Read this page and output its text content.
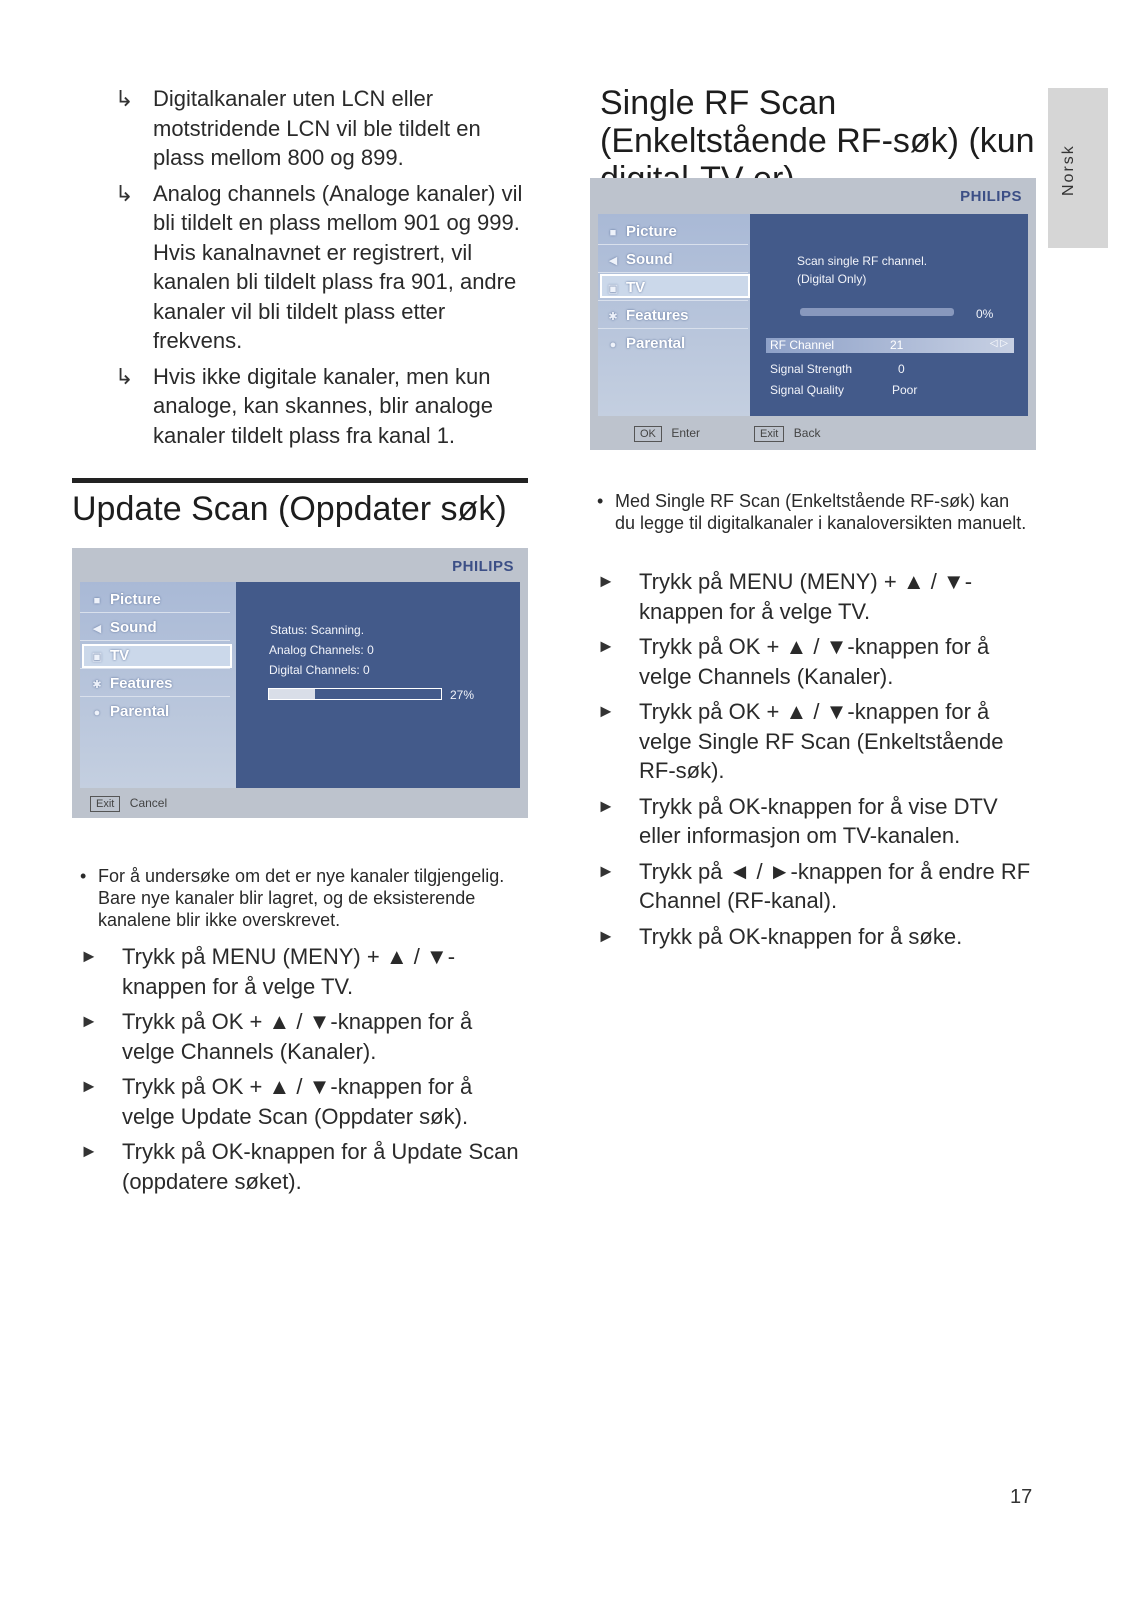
↳ Digitalkanaler uten LCN eller motstridende LCN vil ble tildelt en plass mellom 800 og 899.
↳ Analog channels (Analoge kanaler) vil bli tildelt en plass mellom 901 og 999. Hvis kanalnavnet er registrert, vil kanalen bli tildelt plass fra 901, andre kanaler vil bli tildelt plass etter frekvens.
↳ Hvis ikke digitale kanaler, men kun analoge, kan skannes, blir analoge kanaler tildelt plass fra kanal 1.
Update Scan (Oppdater søk)
PHILIPS
■ Picture
◀ Sound
▣ TV
✱ Features
● Parental
Status: Scanning.
Analog Channels: 0
Digital Channels: 0
27%
Exit Cancel
• For å undersøke om det er nye kanaler tilgjengelig. Bare nye kanaler blir lagret, og de eksisterende kanalene blir ikke overskrevet.
► Trykk på MENU (MENY) + ▲ / ▼-knappen for å velge TV.
► Trykk på OK + ▲ / ▼-knappen for å velge Channels (Kanaler).
► Trykk på OK + ▲ / ▼-knappen for å velge Update Scan (Oppdater søk).
► Trykk på OK-knappen for å Update Scan (oppdatere søket).
Single RF Scan (Enkeltstående RF-søk) (kun
PHILIPS
■ Picture
◀ Sound
▣ TV
✱ Features
● Parental
Scan single RF channel. (Digital Only)
0%
RF Channel	21	◁ ▷
Signal Strength	0
Signal Quality	Poor
OK Enter	Exit Back
• Med Single RF Scan (Enkeltstående RF-søk) kan du legge til digitalkanaler i kanaloversikten manuelt.
► Trykk på MENU (MENY) + ▲ / ▼-knappen for å velge TV.
► Trykk på OK + ▲ / ▼-knappen for å velge Channels (Kanaler).
► Trykk på OK + ▲ / ▼-knappen for å velge Single RF Scan (Enkeltstående RF-søk).
► Trykk på OK-knappen for å vise DTV eller informasjon om TV-kanalen.
► Trykk på ◄ / ►-knappen for å endre RF Channel (RF-kanal).
► Trykk på OK-knappen for å søke.
Norsk
17
